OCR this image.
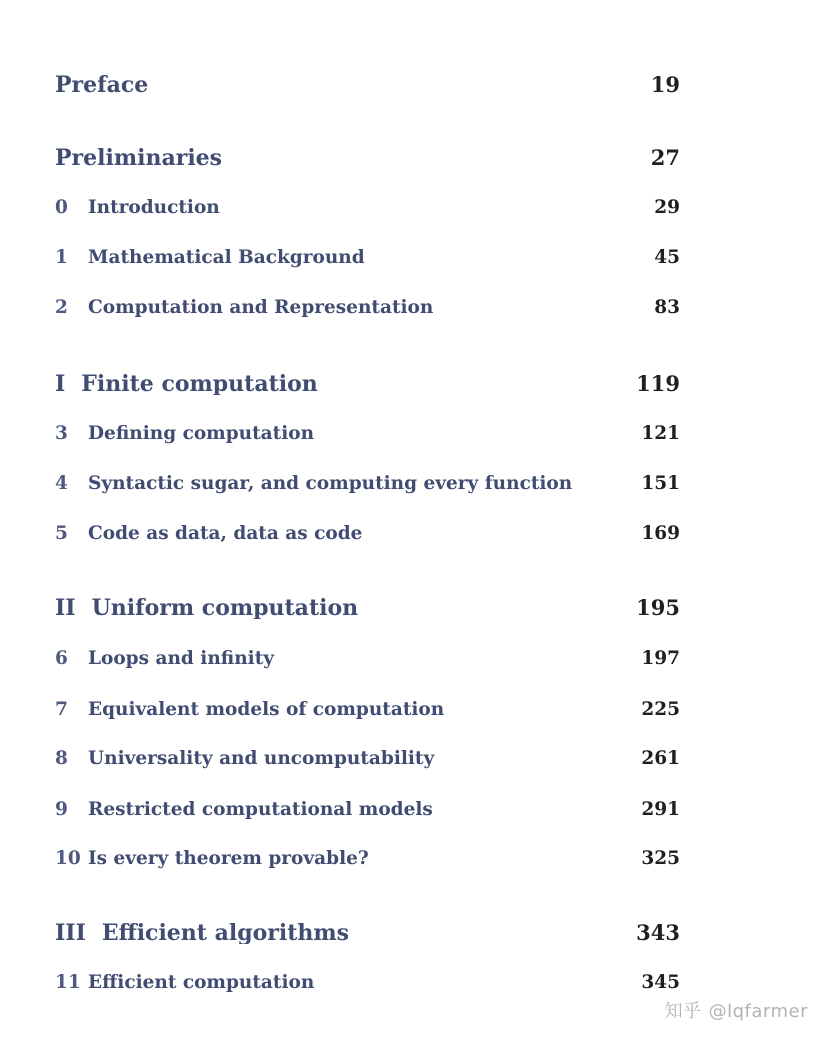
Preface	19
Preliminaries	27
0	Introduction	29
1	Mathematical Background	45
2	Computation and Representation	83
I Finite computation	119
3	Defining computation	121
4	Syntactic sugar, and computing every function	151
5	Code as data, data as code	169
II Uniform computation	195
6	Loops and infinity	197
7	Equivalent models of computation	225
8	Universality and uncomputability	261
9	Restricted computational models	291
10 Is every theorem provable?	325
III Efficient algorithms	343
11 Efficient computation	345
知乎 @lqfarmer
